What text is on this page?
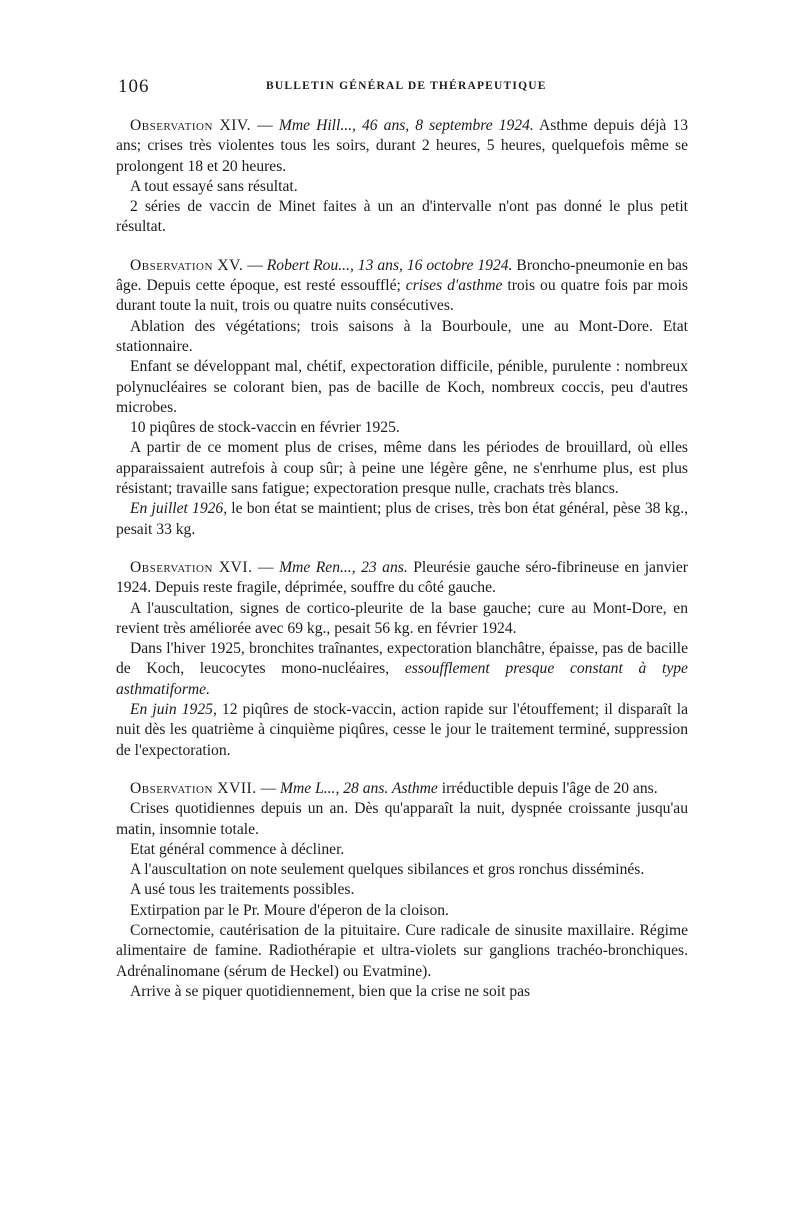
106	BULLETIN GÉNÉRAL DE THÉRAPEUTIQUE

Observation XIV. — Mme Hill..., 46 ans, 8 septembre 1924. Asthme depuis déjà 13 ans; crises très violentes tous les soirs, durant 2 heures, 5 heures, quelquefois même se prolongent 18 et 20 heures.

A tout essayé sans résultat.

2 séries de vaccin de Minet faites à un an d'intervalle n'ont pas donné le plus petit résultat.

Observation XV. — Robert Rou..., 13 ans, 16 octobre 1924. Broncho-pneumonie en bas âge. Depuis cette époque, est resté essoufflé; crises d'asthme trois ou quatre fois par mois durant toute la nuit, trois ou quatre nuits consécutives.

Ablation des végétations; trois saisons à la Bourboule, une au Mont-Dore. Etat stationnaire.

Enfant se développant mal, chétif, expectoration difficile, pénible, purulente : nombreux polynucléaires se colorant bien, pas de bacille de Koch, nombreux coccis, peu d'autres microbes.

10 piqûres de stock-vaccin en février 1925.

A partir de ce moment plus de crises, même dans les périodes de brouillard, où elles apparaissaient autrefois à coup sûr; à peine une légère gêne, ne s'enrhume plus, est plus résistant; travaille sans fatigue; expectoration presque nulle, crachats très blancs.

En juillet 1926, le bon état se maintient; plus de crises, très bon état général, pèse 38 kg., pesait 33 kg.

Observation XVI. — Mme Ren..., 23 ans. Pleurésie gauche séro-fibrineuse en janvier 1924. Depuis reste fragile, déprimée, souffre du côté gauche.

A l'auscultation, signes de cortico-pleurite de la base gauche; cure au Mont-Dore, en revient très améliorée avec 69 kg., pesait 56 kg. en février 1924.

Dans l'hiver 1925, bronchites traînantes, expectoration blanchâtre, épaisse, pas de bacille de Koch, leucocytes mono-nucléaires, essoufflement presque constant à type asthmatiforme.

En juin 1925, 12 piqûres de stock-vaccin, action rapide sur l'étouffement; il disparaît la nuit dès les quatrième à cinquième piqûres, cesse le jour le traitement terminé, suppression de l'expectoration.

Observation XVII. — Mme L..., 28 ans. Asthme irréductible depuis l'âge de 20 ans.

Crises quotidiennes depuis un an. Dès qu'apparaît la nuit, dyspnée croissante jusqu'au matin, insomnie totale.

Etat général commence à décliner.

A l'auscultation on note seulement quelques sibilances et gros ronchus disséminés.

A usé tous les traitements possibles.

Extirpation par le Pr. Moure d'éperon de la cloison.

Cornectomie, cautérisation de la pituitaire. Cure radicale de sinusite maxillaire. Régime alimentaire de famine. Radiothérapie et ultra-violets sur ganglions trachéo-bronchiques. Adrénalinomane (sérum de Heckel) ou Evatmine).

Arrive à se piquer quotidiennement, bien que la crise ne soit pas
